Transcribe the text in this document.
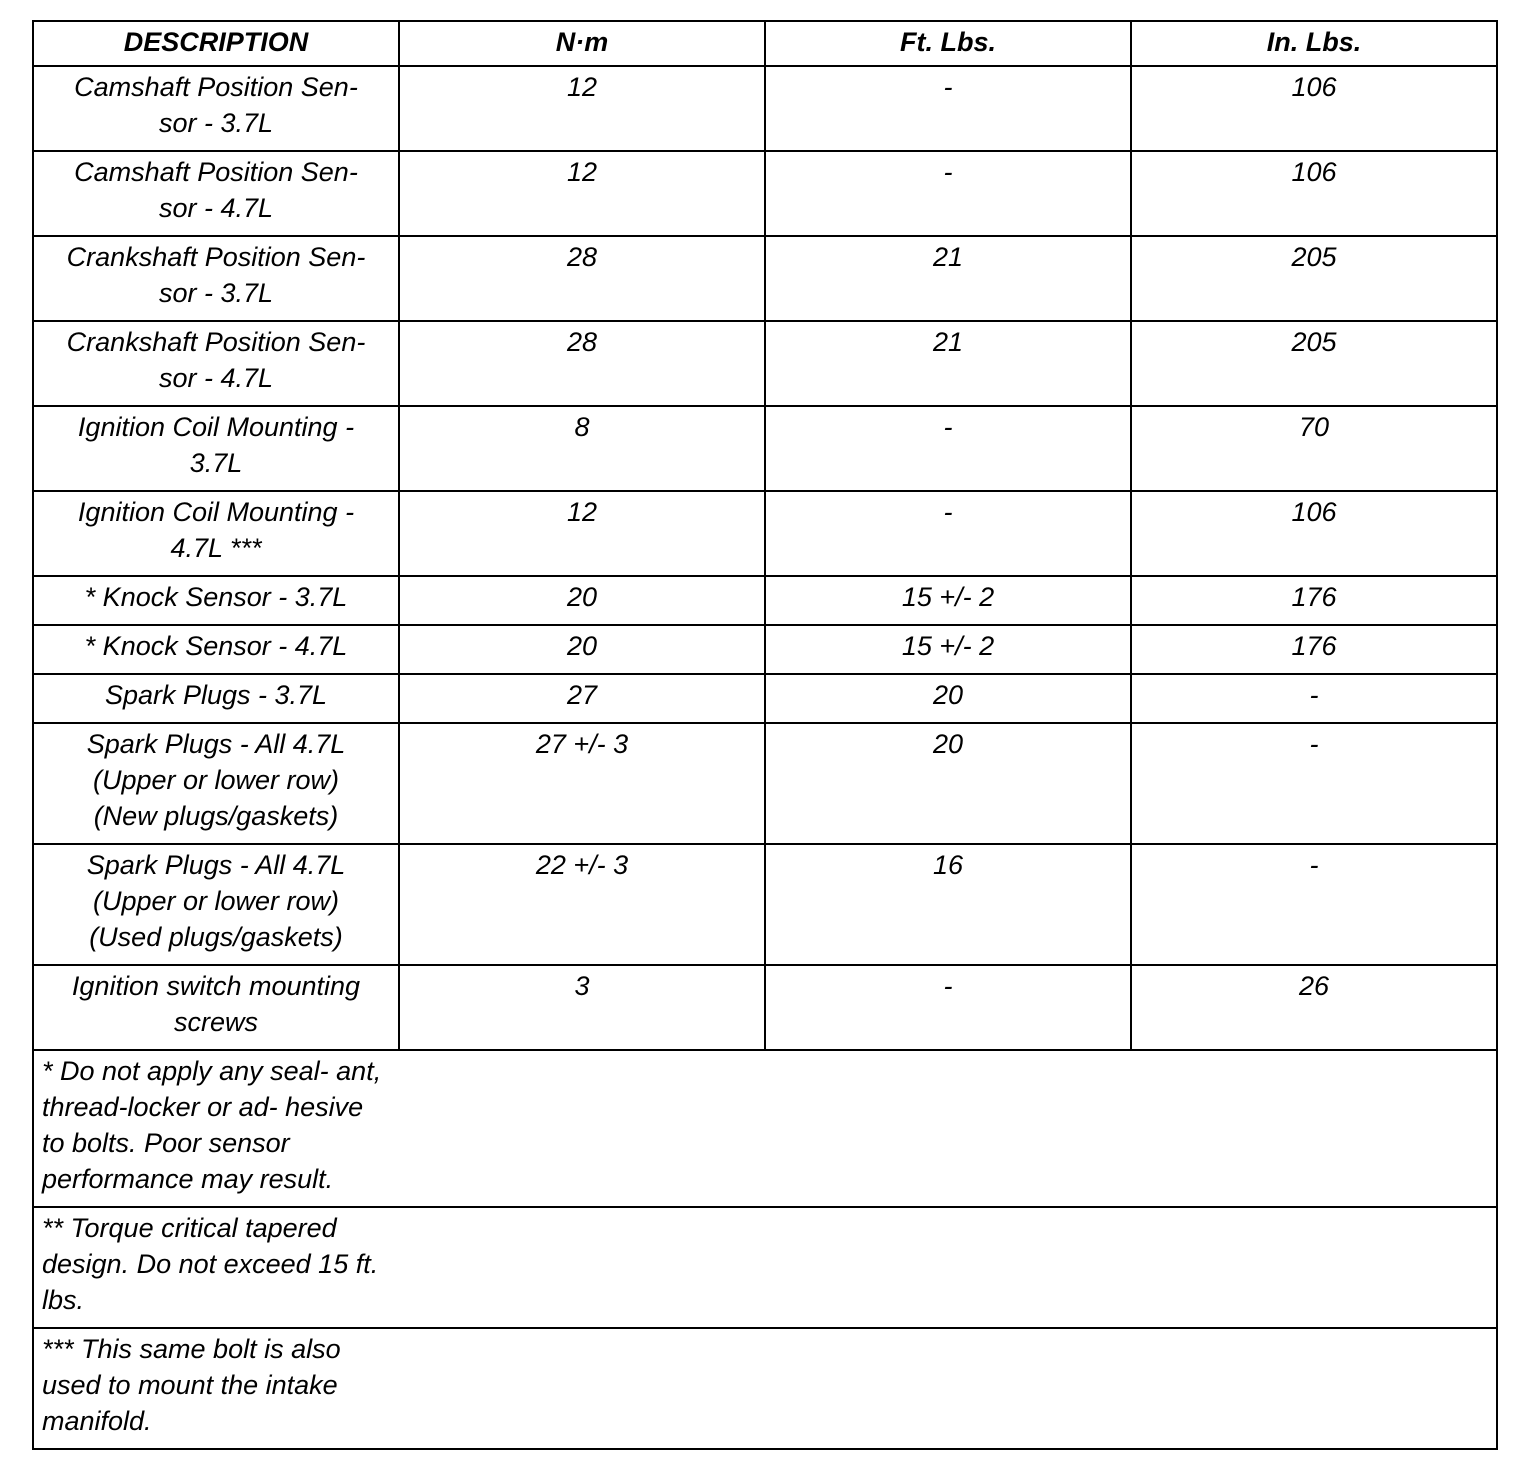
DESCRIPTION	N·m	Ft. Lbs.	In. Lbs.

Camshaft Position Sen-
sor - 3.7L	12	-	106

Camshaft Position Sen-
sor - 4.7L	12	-	106

Crankshaft Position Sen-
sor - 3.7L	28	21	205

Crankshaft Position Sen-
sor - 4.7L	28	21	205

Ignition Coil Mounting -
3.7L	8	-	70

Ignition Coil Mounting -
4.7L ***	12	-	106

* Knock Sensor - 3.7L	20	15 +/- 2	176

* Knock Sensor - 4.7L	20	15 +/- 2	176

Spark Plugs - 3.7L	27	20	-

Spark Plugs - All 4.7L
(Upper or lower row)
(New plugs/gaskets)	27 +/- 3	20	-

Spark Plugs - All 4.7L
(Upper or lower row)
(Used plugs/gaskets)	22 +/- 3	16	-

Ignition switch mounting
screws	3	-	26

* Do not apply any seal- ant, thread-locker or ad- hesive to bolts. Poor sensor performance may result.			

** Torque critical tapered design. Do not exceed 15 ft. lbs.			

*** This same bolt is also used to mount the intake manifold.			
